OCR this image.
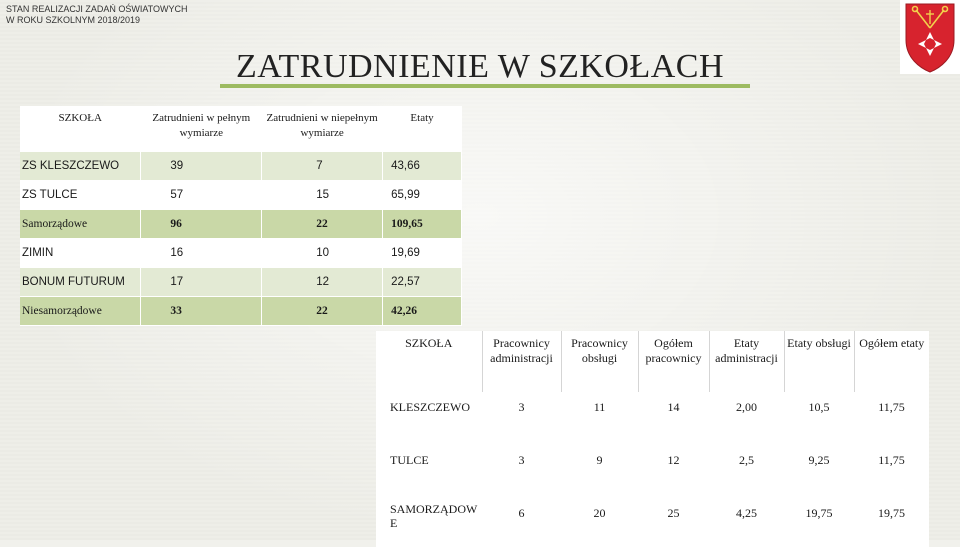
STAN REALIZACJI ZADAŃ OŚWIATOWYCH
W ROKU SZKOLNYM 2018/2019
ZATRUDNIENIE W SZKOŁACH
SZKOŁA	Zatrudnieni w pełnym wymiarze	Zatrudnieni w niepełnym wymiarze	Etaty
ZS KLESZCZEWO	39	7	43,66
ZS TULCE	57	15	65,99
Samorządowe	96	22	109,65
ZIMIN	16	10	19,69
BONUM FUTURUM	17	12	22,57
Niesamorządowe	33	22	42,26
SZKOŁA	Pracownicy administracji	Pracownicy obsługi	Ogółem pracownicy	Etaty administracji	Etaty obsługi	Ogółem etaty
KLESZCZEWO	3	11	14	2,00	10,5	11,75
TULCE	3	9	12	2,5	9,25	11,75

SAMORZĄDOWE	6	20	25	4,25	19,75	19,75
